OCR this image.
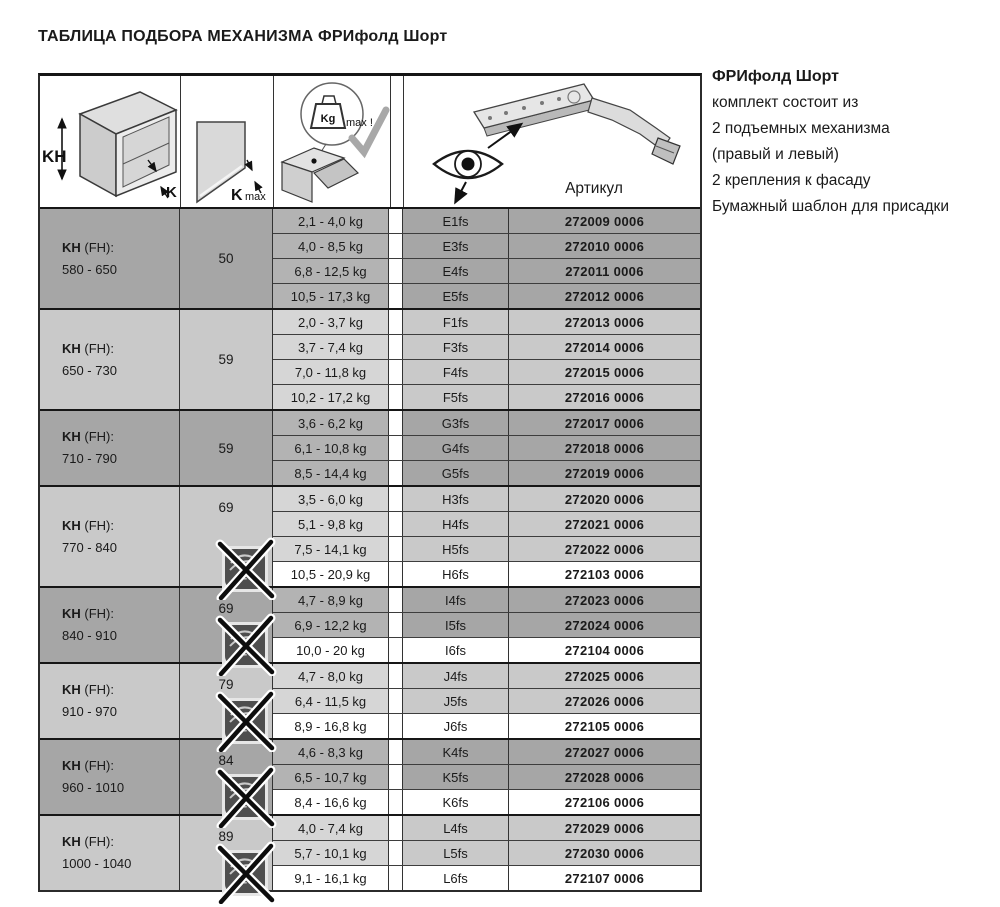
ТАБЛИЦА ПОДБОРА МЕХАНИЗМА ФРИфолд Шорт
ФРИфолд Шорт
комплект состоит из
2 подъемных механизма
(правый и левый)
2 крепления к фасаду
Бумажный шаблон для присадки
KH
K	K max
Kg max !
Артикул
KH (FH):
580 - 650
50
2,1 - 4,0 kg	E1fs	272009 0006
4,0 - 8,5 kg	E3fs	272010 0006
6,8 - 12,5 kg	E4fs	272011 0006
10,5 - 17,3 kg	E5fs	272012 0006
KH (FH):
650 - 730
59
2,0 - 3,7 kg	F1fs	272013 0006
3,7 - 7,4 kg	F3fs	272014 0006
7,0 - 11,8 kg	F4fs	272015 0006
10,2 - 17,2 kg	F5fs	272016 0006
KH (FH):
710 - 790
59
3,6 - 6,2 kg	G3fs	272017 0006
6,1 - 10,8 kg	G4fs	272018 0006
8,5 - 14,4 kg	G5fs	272019 0006
KH (FH):
770 - 840
69
3,5 - 6,0 kg	H3fs	272020 0006
5,1 - 9,8 kg	H4fs	272021 0006
7,5 - 14,1 kg	H5fs	272022 0006
10,5 - 20,9 kg	H6fs	272103 0006
KH (FH):
840 - 910
69
4,7 - 8,9 kg	I4fs	272023 0006
6,9 - 12,2 kg	I5fs	272024 0006
10,0 - 20 kg	I6fs	272104 0006
KH (FH):
910 - 970
79
4,7 - 8,0 kg	J4fs	272025 0006
6,4 - 11,5 kg	J5fs	272026 0006
8,9 - 16,8 kg	J6fs	272105 0006
KH (FH):
960 - 1010
84
4,6 - 8,3 kg	K4fs	272027 0006
6,5 - 10,7 kg	K5fs	272028 0006
8,4 - 16,6 kg	K6fs	272106 0006
KH (FH):
1000 - 1040
89
4,0 - 7,4 kg	L4fs	272029 0006
5,7 - 10,1 kg	L5fs	272030 0006
9,1 - 16,1 kg	L6fs	272107 0006
